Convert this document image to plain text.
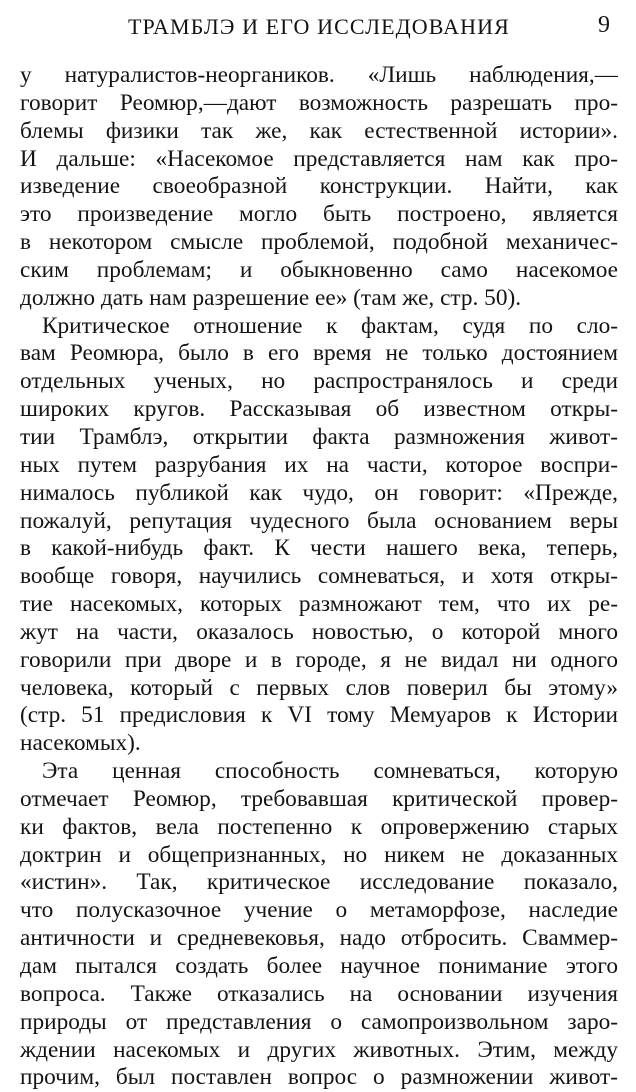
ТРАМБЛЭ И ЕГО ИССЛЕДОВАНИЯ	9
у натуралистов-неоргаников. «Лишь наблюдения,—
говорит Реомюр,—дают возможность разрешать про-
блемы физики так же, как естественной истории».
И дальше: «Насекомое представляется нам как про-
изведение своеобразной конструкции. Найти, как
это произведение могло быть построено, является
в некотором смысле проблемой, подобной механичес-
ским проблемам; и обыкновенно само насекомое
должно дать нам разрешение ее» (там же, стр. 50).
Критическое отношение к фактам, судя по сло-
вам Реомюра, было в его время не только достоянием
отдельных ученых, но распространялось и среди
широких кругов. Рассказывая об известном откры-
тии Трамблэ, открытии факта размножения живот-
ных путем разрубания их на части, которое воспри-
нималось публикой как чудо, он говорит: «Прежде,
пожалуй, репутация чудесного была основанием веры
в какой-нибудь факт. К чести нашего века, теперь,
вообще говоря, научились сомневаться, и хотя откры-
тие насекомых, которых размножают тем, что их ре-
жут на части, оказалось новостью, о которой много
говорили при дворе и в городе, я не видал ни одного
человека, который с первых слов поверил бы этому»
(стр. 51 предисловия к VI тому Мемуаров к Истории
насекомых).
Эта ценная способность сомневаться, которую
отмечает Реомюр, требовавшая критической провер-
ки фактов, вела постепенно к опровержению старых
доктрин и общепризнанных, но никем не доказанных
«истин». Так, критическое исследование показало,
что полусказочное учение о метаморфозе, наследие
античности и средневековья, надо отбросить. Сваммер-
дам пытался создать более научное понимание этого
вопроса. Также отказались на основании изучения
природы от представления о самопроизвольном заро-
ждении насекомых и других животных. Этим, между
прочим, был поставлен вопрос о размножении живот-
